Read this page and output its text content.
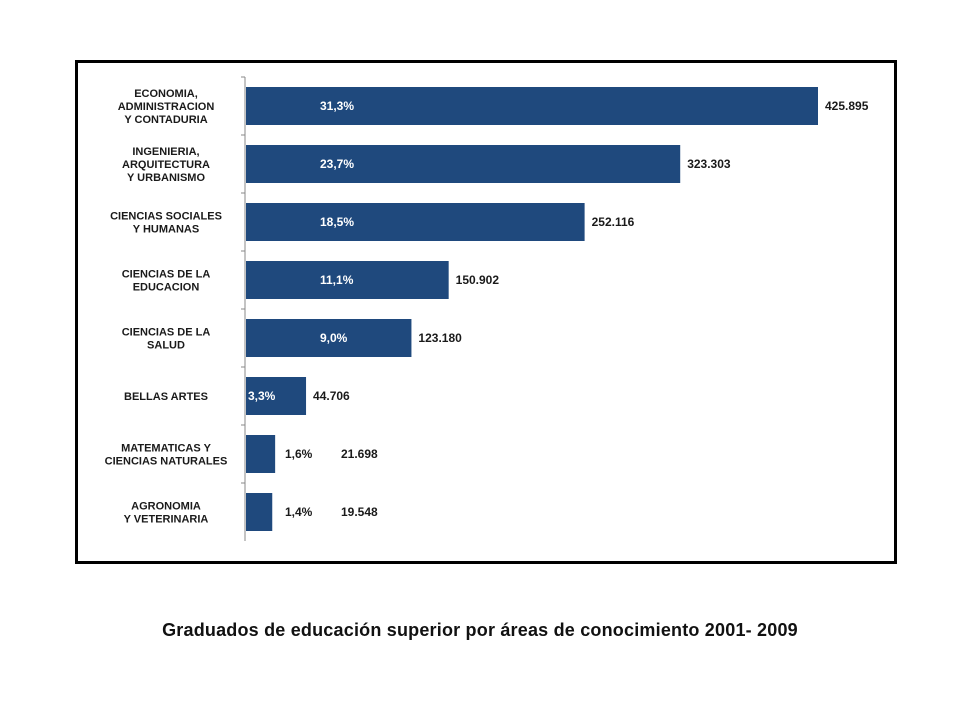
ECONOMIA, ADMINISTRACION Y CONTADURIA
31,3%	425.895
INGENIERIA, ARQUITECTURA Y URBANISMO
23,7%	323.303
CIENCIAS SOCIALES Y HUMANAS
18,5%	252.116
CIENCIAS DE LA EDUCACION
11,1%	150.902
CIENCIAS DE LA SALUD
9,0%	123.180
BELLAS ARTES	3,3%	44.706
MATEMATICAS Y CIENCIAS NATURALES
1,6% 21.698
AGRONOMIA Y VETERINARIA
1,4% 19.548
Graduados de educación superior por áreas de conocimiento 2001- 2009
